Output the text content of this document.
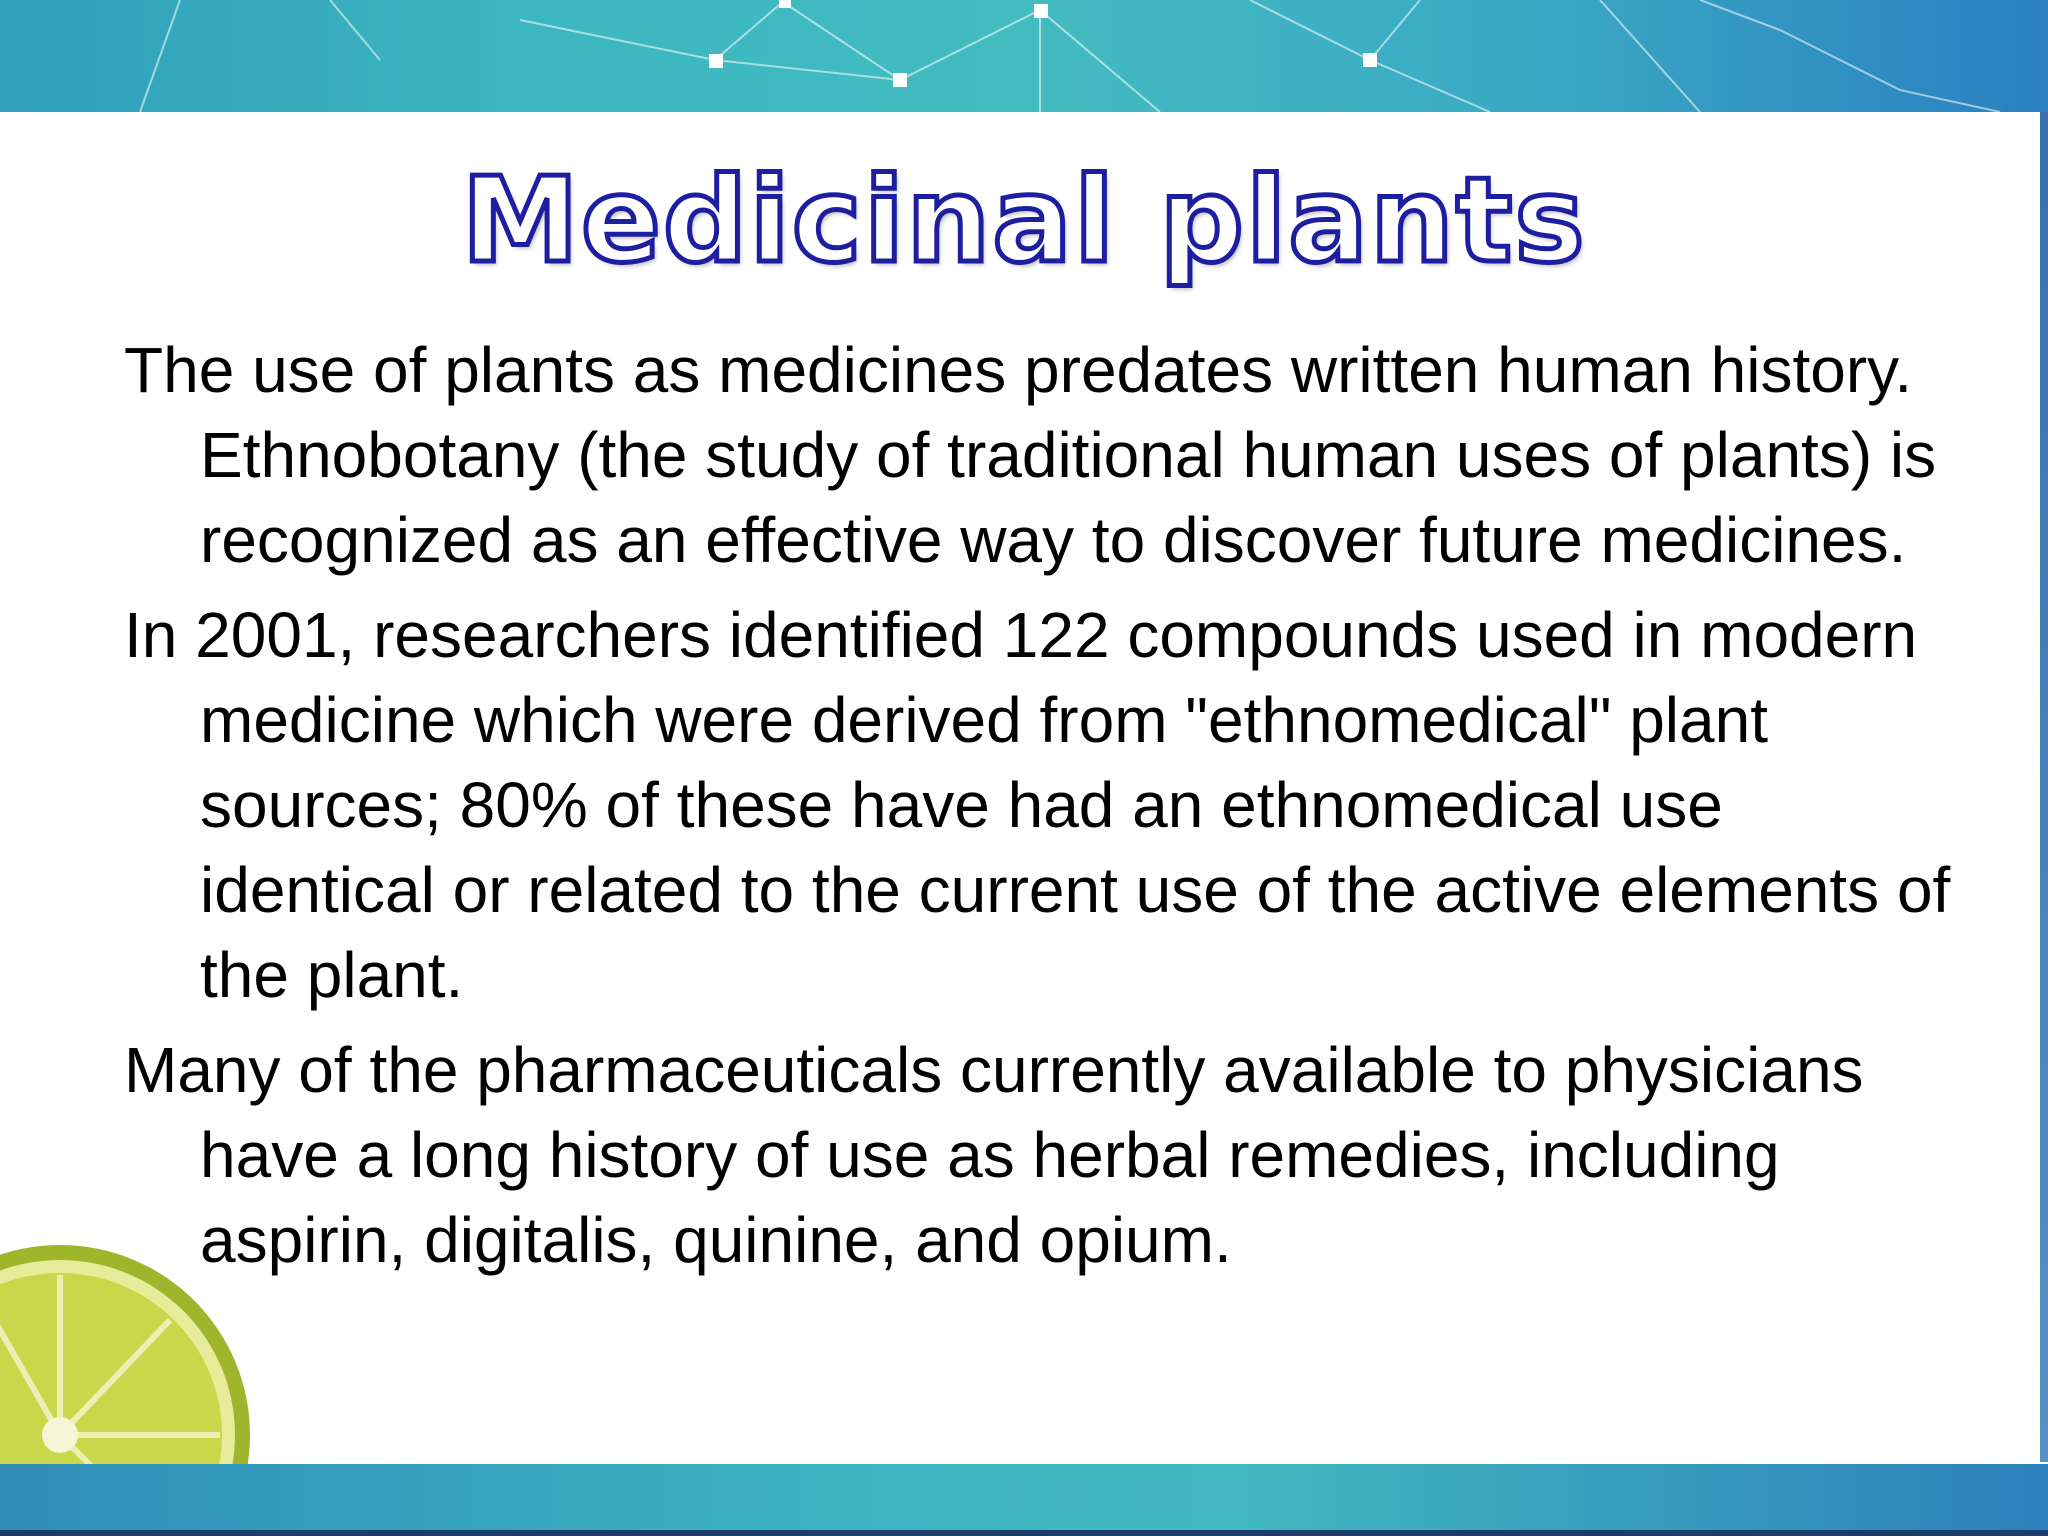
Medicinal plants

The use of plants as medicines predates written human history. Ethnobotany (the study of traditional human uses of plants) is recognized as an effective way to discover future medicines.

In 2001, researchers identified 122 compounds used in modern medicine which were derived from "ethnomedical" plant sources; 80% of these have had an ethnomedical use identical or related to the current use of the active elements of the plant.

Many of the pharmaceuticals currently available to physicians have a long history of use as herbal remedies, including aspirin, digitalis, quinine, and opium.
